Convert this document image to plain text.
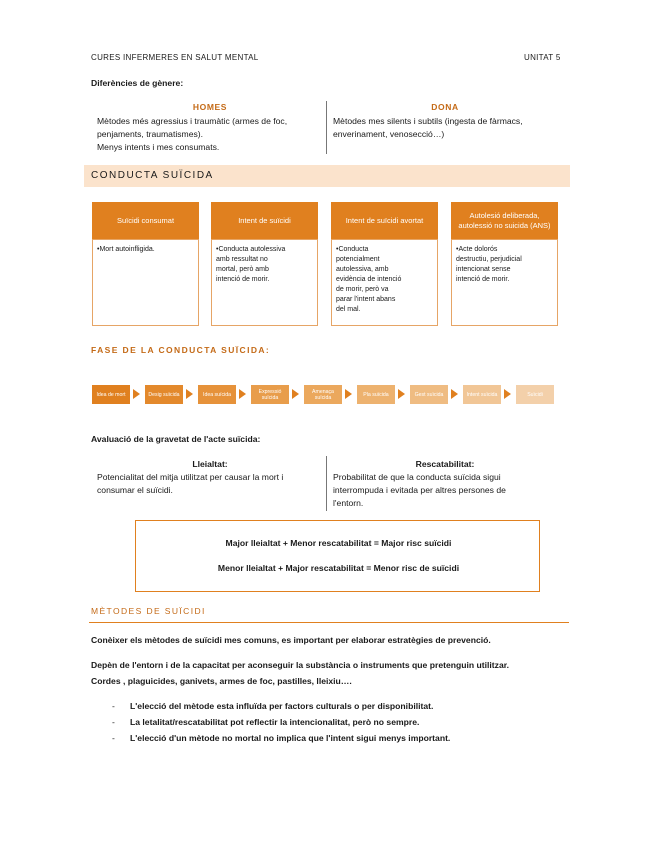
CURES INFERMERES EN SALUT MENTAL	UNITAT 5
Diferències de gènere:
HOMES
Mètodes més agressius i traumàtic (armes de foc,
penjaments, traumatismes).
Menys intents i mes consumats.
DONA
Mètodes mes silents i subtils (ingesta de fàrmacs,
enverinament, venosecció…)
CONDUCTA SUÏCIDA
Suïcidi consumat
•Mort autoinfligida.
Intent de suïcidi
•Conducta autolessiva
amb ressultat no
mortal, però amb
intenció de morir.
Intent de suïcidi avortat
•Conducta
potencialment
autolessiva, amb
evidència de intenció
de morir, però va
parar l'intent abans
del mal.
Autolesió deliberada, autolessió no suicida (ANS)
•Acte dolorós
destructiu, perjudicial
intencionat sense
intenció de morir.
FASE DE LA CONDUCTA SUÏCIDA:
Idea de mort	Desig suïcida	Idea suïcida	Expressió suïcida
Amenaça suïcida	Pla suïcida	Gest suïcida	Intent suïcida	Suïcidi
Avaluació de la gravetat de l'acte suïcida:
Lleialtat:
Potencialitat del mitja utilitzat per causar la mort i
consumar el suïcidi.
Rescatabilitat:
Probabilitat de que la conducta suïcida sigui
interrompuda i evitada per altres persones de
l'entorn.
Major lleialtat + Menor rescatabilitat = Major risc suïcidi
Menor lleialtat + Major rescatabilitat = Menor risc de suïcidi
MÈTODES DE SUÏCIDI
Conèixer els mètodes de suïcidi mes comuns, es important per elaborar estratègies de prevenció.
Depèn de l'entorn i de la capacitat per aconseguir la substància o instruments que pretenguin utilitzar.
Cordes , plaguicides, ganivets, armes de foc, pastilles, lleixiu….
- L'elecció del mètode esta influïda per factors culturals o per disponibilitat.
- La letalitat/rescatabilitat pot reflectir la intencionalitat, però no sempre.
- L'elecció d'un mètode no mortal no implica que l'intent sigui menys important.
